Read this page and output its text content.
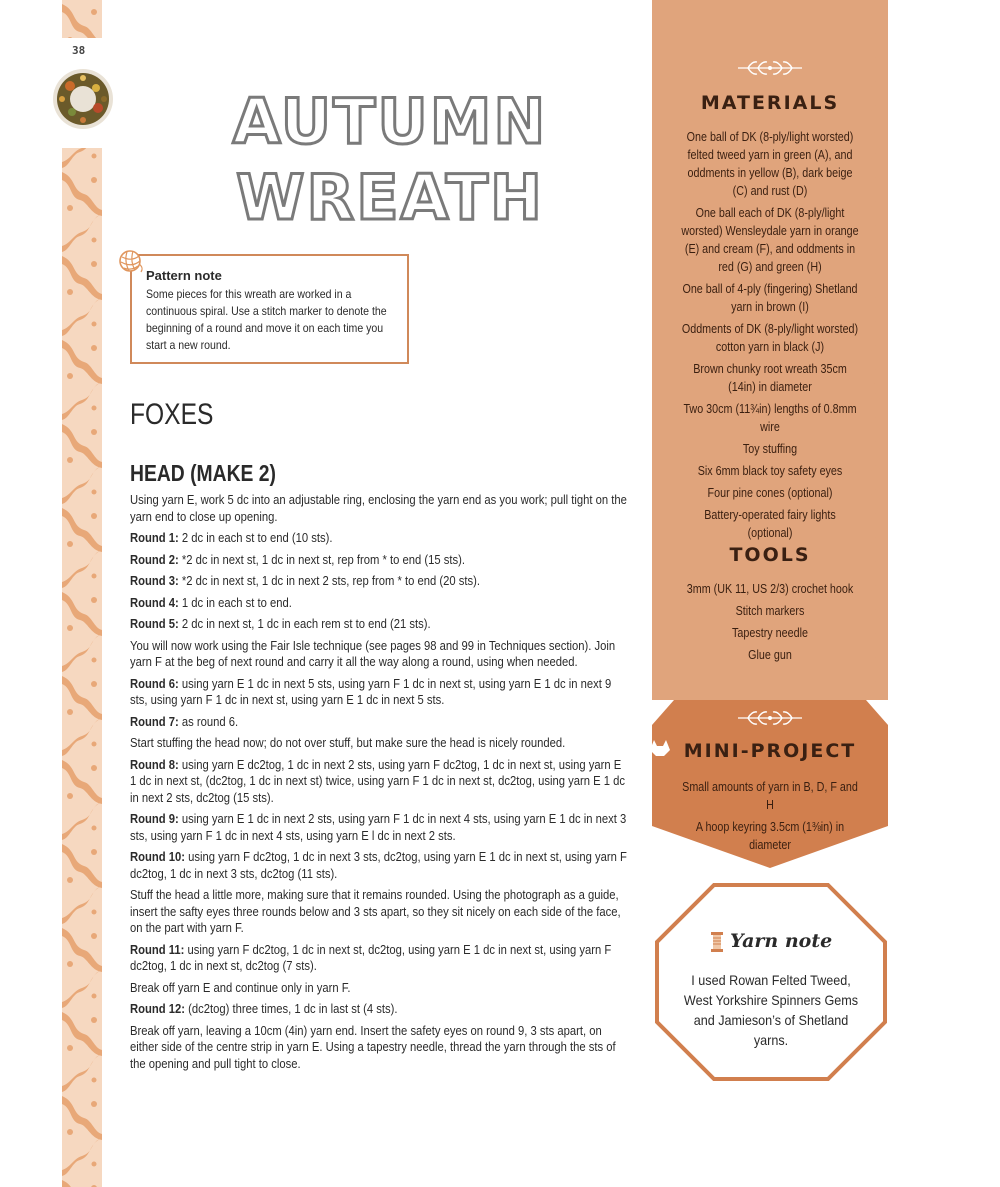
38
AUTUMN
WREATH
Pattern note

Some pieces for this wreath are worked in a continuous spiral. Use a stitch marker to denote the beginning of a round and move it on each time you start a new round.

FOXES
HEAD (MAKE 2)

Using yarn E, work 5 dc into an adjustable ring, enclosing the yarn end as you work; pull tight on the yarn end to close up opening.

Round 1: 2 dc in each st to end (10 sts).

Round 2: *2 dc in next st, 1 dc in next st, rep from * to end (15 sts).

Round 3: *2 dc in next st, 1 dc in next 2 sts, rep from * to end (20 sts).

Round 4: 1 dc in each st to end.

Round 5: 2 dc in next st, 1 dc in each rem st to end (21 sts).

You will now work using the Fair Isle technique (see pages 98 and 99 in Techniques section). Join yarn F at the beg of next round and carry it all the way along a round, using when needed.

Round 6: using yarn E 1 dc in next 5 sts, using yarn F 1 dc in next st, using yarn E 1 dc in next 9 sts, using yarn F 1 dc in next st, using yarn E 1 dc in next 5 sts.

Round 7: as round 6.

Start stuffing the head now; do not over stuff, but make sure the head is nicely rounded.

Round 8: using yarn E dc2tog, 1 dc in next 2 sts, using yarn F dc2tog, 1 dc in next st, using yarn E 1 dc in next st, (dc2tog, 1 dc in next st) twice, using yarn F 1 dc in next st, dc2tog, using yarn E 1 dc in next 2 sts, dc2tog (15 sts).

Round 9: using yarn E 1 dc in next 2 sts, using yarn F 1 dc in next 4 sts, using yarn E 1 dc in next 3 sts, using yarn F 1 dc in next 4 sts, using yarn E l dc in next 2 sts.

Round 10: using yarn F dc2tog, 1 dc in next 3 sts, dc2tog, using yarn E 1 dc in next st, using yarn F dc2tog, 1 dc in next 3 sts, dc2tog (11 sts).

Stuff the head a little more, making sure that it remains rounded. Using the photograph as a guide, insert the safty eyes three rounds below and 3 sts apart, so they sit nicely on each side of the face, on the part with yarn F.

Round 11: using yarn F dc2tog, 1 dc in next st, dc2tog, using yarn E 1 dc in next st, using yarn F dc2tog, 1 dc in next st, dc2tog (7 sts).

Break off yarn E and continue only in yarn F.

Round 12: (dc2tog) three times, 1 dc in last st (4 sts).

Break off yarn, leaving a 10cm (4in) yarn end. Insert the safety eyes on round 9, 3 sts apart, on either side of the centre strip in yarn E. Using a tapestry needle, thread the yarn through the sts of the opening and pull tight to close.

MATERIALS
One ball of DK (8-ply/light worsted) felted tweed yarn in green (A), and oddments in yellow (B), dark beige (C) and rust (D)
One ball each of DK (8-ply/light worsted) Wensleydale yarn in orange (E) and cream (F), and oddments in red (G) and green (H)
One ball of 4-ply (fingering) Shetland yarn in brown (I)
Oddments of DK (8-ply/light worsted) cotton yarn in black (J)
Brown chunky root wreath 35cm (14in) in diameter
Two 30cm (11¾in) lengths of 0.8mm wire
Toy stuffing
Six 6mm black toy safety eyes
Four pine cones (optional)
Battery-operated fairy lights (optional)
TOOLS
3mm (UK 11, US 2/3) crochet hook
Stitch markers
Tapestry needle
Glue gun
MINI-PROJECT
Small amounts of yarn in B, D, F and H
A hoop keyring 3.5cm (1⅜in) in diameter
Yarn note
I used Rowan Felted Tweed, West Yorkshire Spinners Gems and Jamieson’s of Shetland yarns.
